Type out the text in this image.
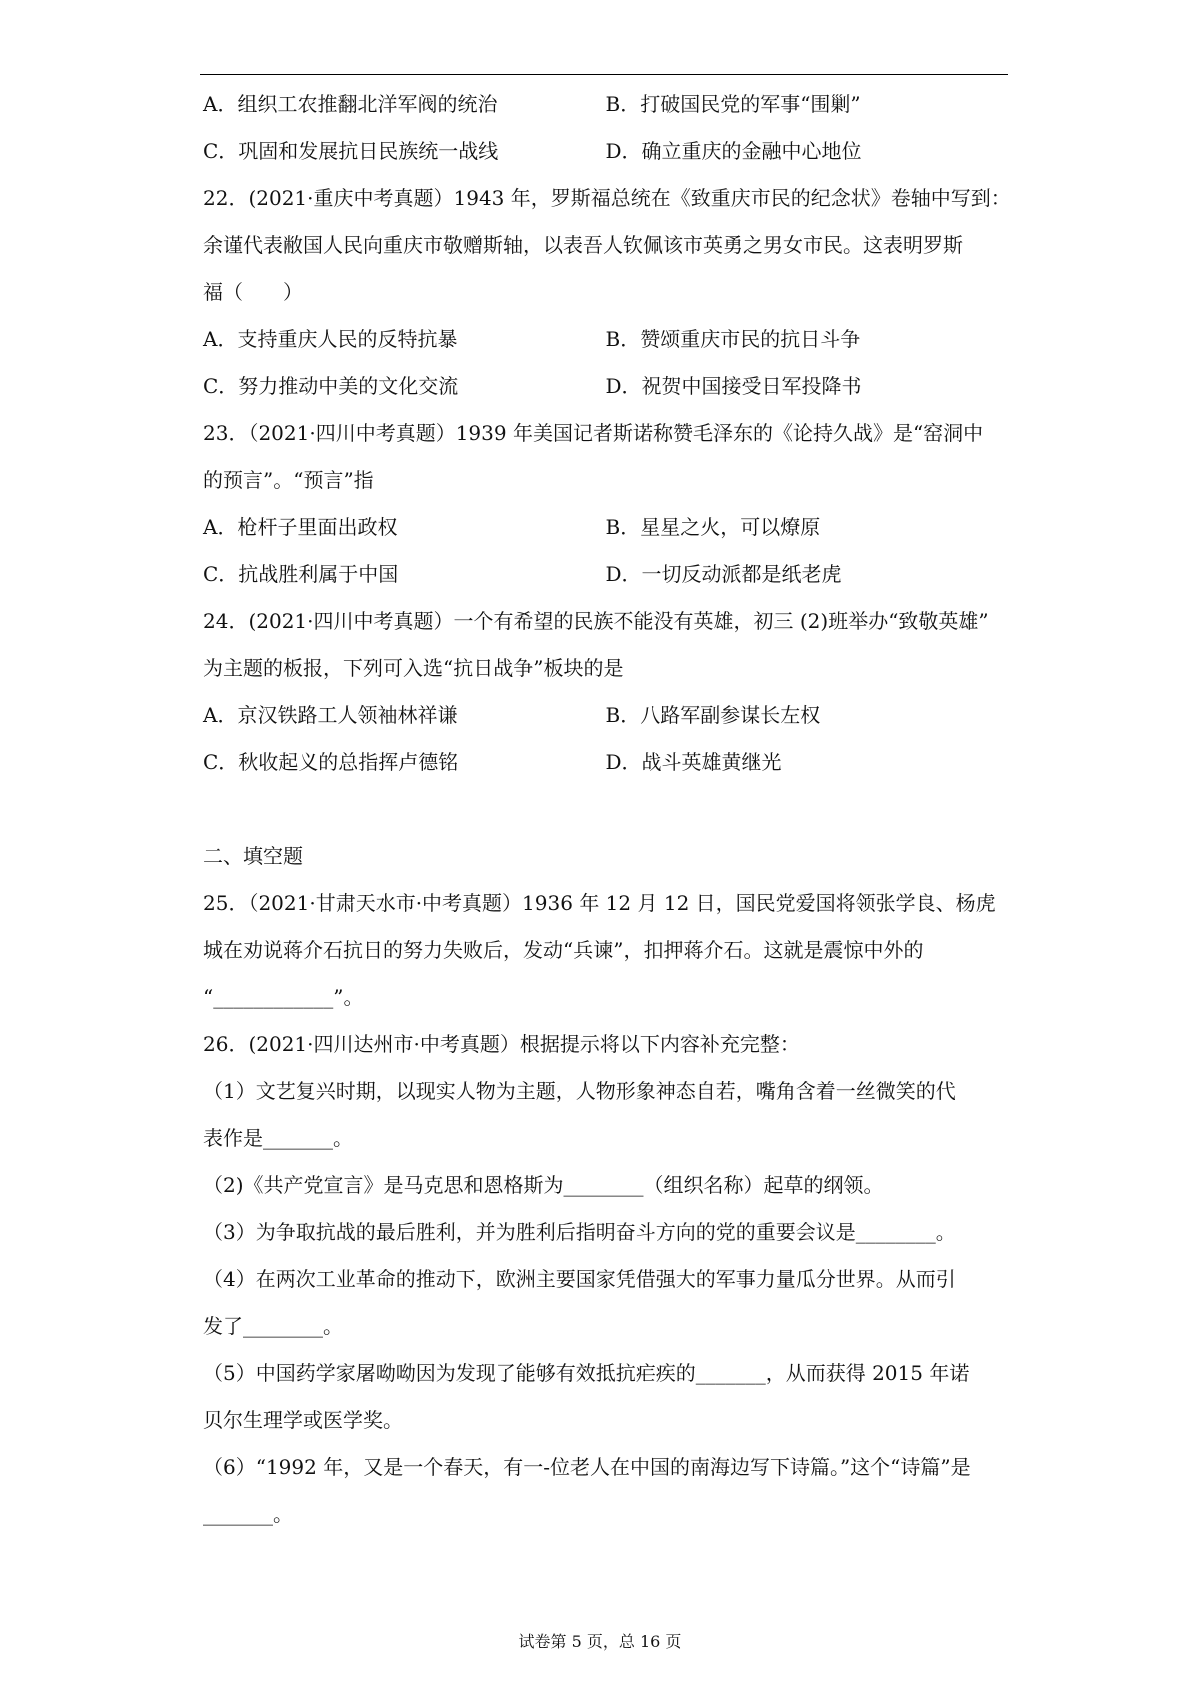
A．组织工农推翻北洋军阀的统治	B．打破国民党的军事“围剿”
C．巩固和发展抗日民族统一战线	D．确立重庆的金融中心地位
22．(2021·重庆中考真题）1943 年，罗斯福总统在《致重庆市民的纪念状》卷轴中写到：
余谨代表敝国人民向重庆市敬赠斯轴，以表吾人钦佩该市英勇之男女市民。这表明罗斯
福（　　）
A．支持重庆人民的反特抗暴	B．赞颂重庆市民的抗日斗争
C．努力推动中美的文化交流	D．祝贺中国接受日军投降书
23．（2021·四川中考真题）1939 年美国记者斯诺称赞毛泽东的《论持久战》是“窑洞中
的预言”。“预言”指
A．枪杆子里面出政权	B．星星之火，可以燎原
C．抗战胜利属于中国	D．一切反动派都是纸老虎
24．(2021·四川中考真题）一个有希望的民族不能没有英雄，初三 (2)班举办“致敬英雄”
为主题的板报，下列可入选“抗日战争”板块的是
A．京汉铁路工人领袖林祥谦	B．八路军副参谋长左权
C．秋收起义的总指挥卢德铭	D．战斗英雄黄继光
二、填空题
25．（2021·甘肃天水市·中考真题）1936 年 12 月 12 日，国民党爱国将领张学良、杨虎
城在劝说蒋介石抗日的努力失败后，发动“兵谏”，扣押蒋介石。这就是震惊中外的
“____________”。
26．(2021·四川达州市·中考真题）根据提示将以下内容补充完整：
（1）文艺复兴时期，以现实人物为主题，人物形象神态自若，嘴角含着一丝微笑的代
表作是_______。
（2)《共产党宣言》是马克思和恩格斯为________（组织名称）起草的纲领。
（3）为争取抗战的最后胜利，并为胜利后指明奋斗方向的党的重要会议是________。
（4）在两次工业革命的推动下，欧洲主要国家凭借强大的军事力量瓜分世界。从而引
发了________。
（5）中国药学家屠呦呦因为发现了能够有效抵抗疟疾的_______，从而获得 2015 年诺
贝尔生理学或医学奖。
（6）“1992 年，又是一个春天，有一-位老人在中国的南海边写下诗篇。”这个“诗篇”是
_______。
试卷第 5 页，总 16 页
